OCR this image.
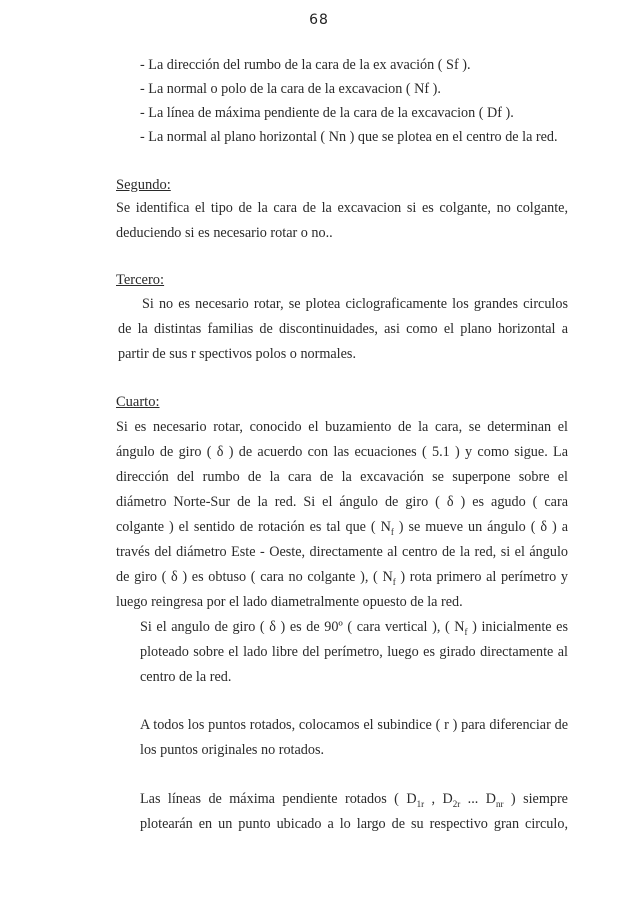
68
- La dirección del rumbo de la cara de la ex avación ( Sf ).
- La normal o polo de la cara de la excavacion ( Nf ).
- La línea de máxima pendiente de la cara de la excavacion ( Df ).
- La normal al plano horizontal ( Nn ) que se plotea en el centro de la red.
Segundo:
Se identifica el tipo de la cara de la excavacion si es colgante, no colgante,
deduciendo si es necesario rotar o no..
Tercero:
Si no es necesario rotar, se plotea ciclograficamente los grandes circulos
de la distintas familias de discontinuidades, asi como el plano horizontal a
partir de sus r spectivos polos o normales.
Cuarto:
Si es necesario rotar, conocido el buzamiento de la cara, se determinan el
ángulo de giro ( δ ) de acuerdo con las ecuaciones ( 5.1 ) y como sigue. La
dirección del rumbo de la cara de la excavación se superpone sobre el
diámetro Norte-Sur de la red. Si el ángulo de giro ( δ ) es agudo ( cara
colgante ) el sentido de rotación es tal que ( $N_f$ ) se mueve un ángulo ( δ ) a
través del diámetro Este - Oeste, directamente al centro de la red, si el ángulo
de giro ( δ ) es obtuso ( cara no colgante ), ( $N_f$ ) rota primero al perímetro y
luego reingresa por el lado diametralmente opuesto de la red.
Si el angulo de giro ( δ ) es de 90º ( cara vertical ), ( $N_f$ ) inicialmente es
ploteado sobre el lado libre del perímetro, luego es girado directamente al
centro de la red.
A todos los puntos rotados, colocamos el subindice ( r ) para diferenciar de
los puntos originales no rotados.
Las líneas de máxima pendiente rotados ( $D_{1r}$ , $D_{2r}$ ... $D_{nr}$ ) siempre
plotearán en un punto ubicado a lo largo de su respectivo gran circulo,
